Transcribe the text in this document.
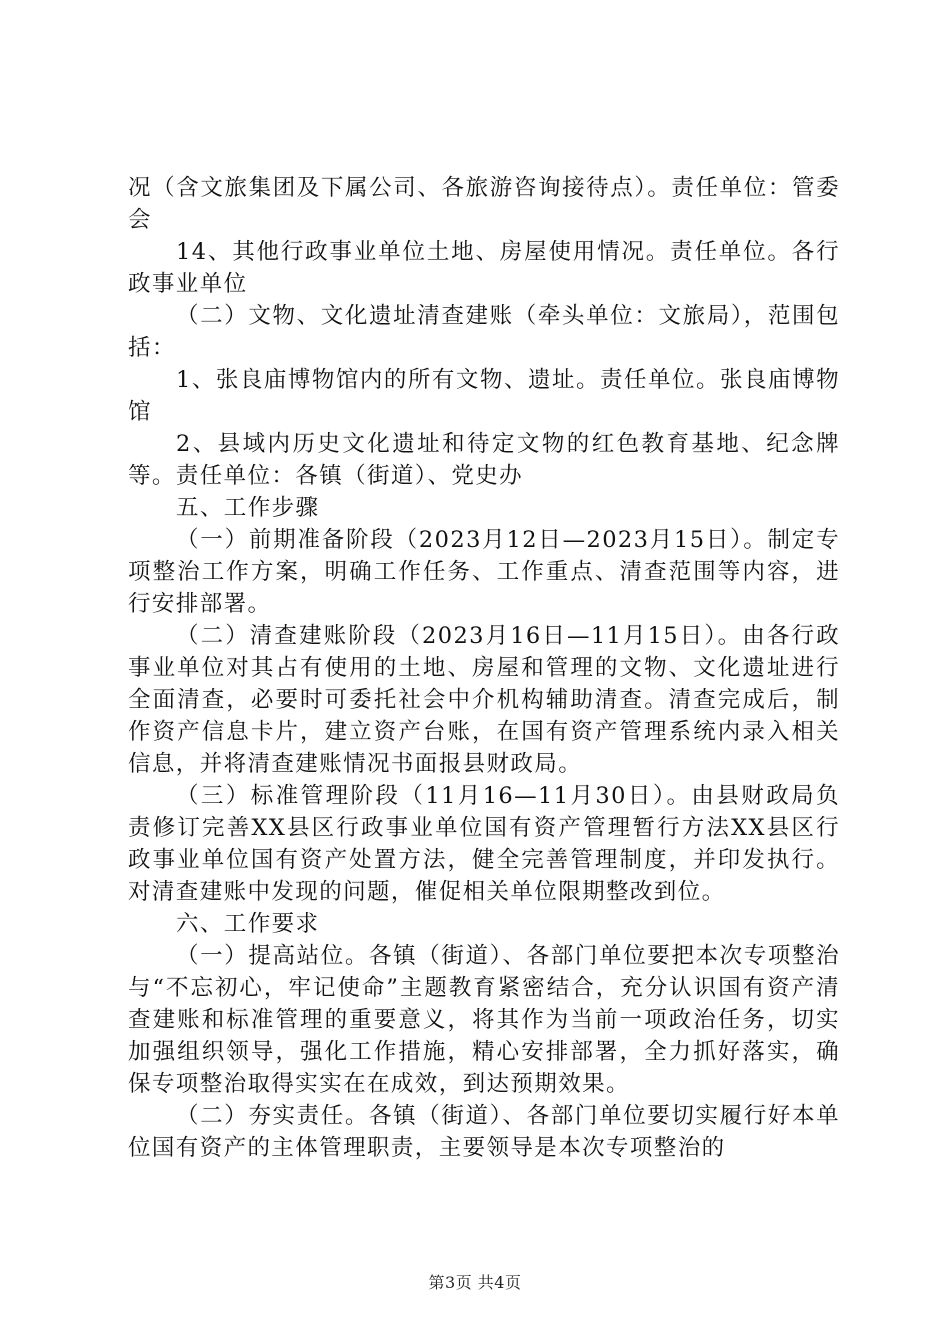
况（含文旅集团及下属公司、各旅游咨询接待点）。责任单位：管委会

14、其他行政事业单位土地、房屋使用情况。责任单位。各行政事业单位

（二）文物、文化遗址清查建账（牵头单位：文旅局），范围包括：

1、张良庙博物馆内的所有文物、遗址。责任单位。张良庙博物馆

2、县域内历史文化遗址和待定文物的红色教育基地、纪念牌等。责任单位：各镇（街道）、党史办

五、工作步骤

（一）前期准备阶段（2023月12日—2023月15日）。制定专项整治工作方案，明确工作任务、工作重点、清查范围等内容，进行安排部署。

（二）清查建账阶段（2023月16日—11月15日）。由各行政事业单位对其占有使用的土地、房屋和管理的文物、文化遗址进行全面清查，必要时可委托社会中介机构辅助清查。清查完成后，制作资产信息卡片，建立资产台账，在国有资产管理系统内录入相关信息，并将清查建账情况书面报县财政局。

（三）标准管理阶段（11月16—11月30日）。由县财政局负责修订完善XX县区行政事业单位国有资产管理暂行方法XX县区行政事业单位国有资产处置方法，健全完善管理制度，并印发执行。对清查建账中发现的问题，催促相关单位限期整改到位。

六、工作要求

（一）提高站位。各镇（街道）、各部门单位要把本次专项整治与“不忘初心，牢记使命”主题教育紧密结合，充分认识国有资产清查建账和标准管理的重要意义，将其作为当前一项政治任务，切实加强组织领导，强化工作措施，精心安排部署，全力抓好落实，确保专项整治取得实实在在成效，到达预期效果。

（二）夯实责任。各镇（街道）、各部门单位要切实履行好本单位国有资产的主体管理职责，主要领导是本次专项整治的

第3页 共4页
